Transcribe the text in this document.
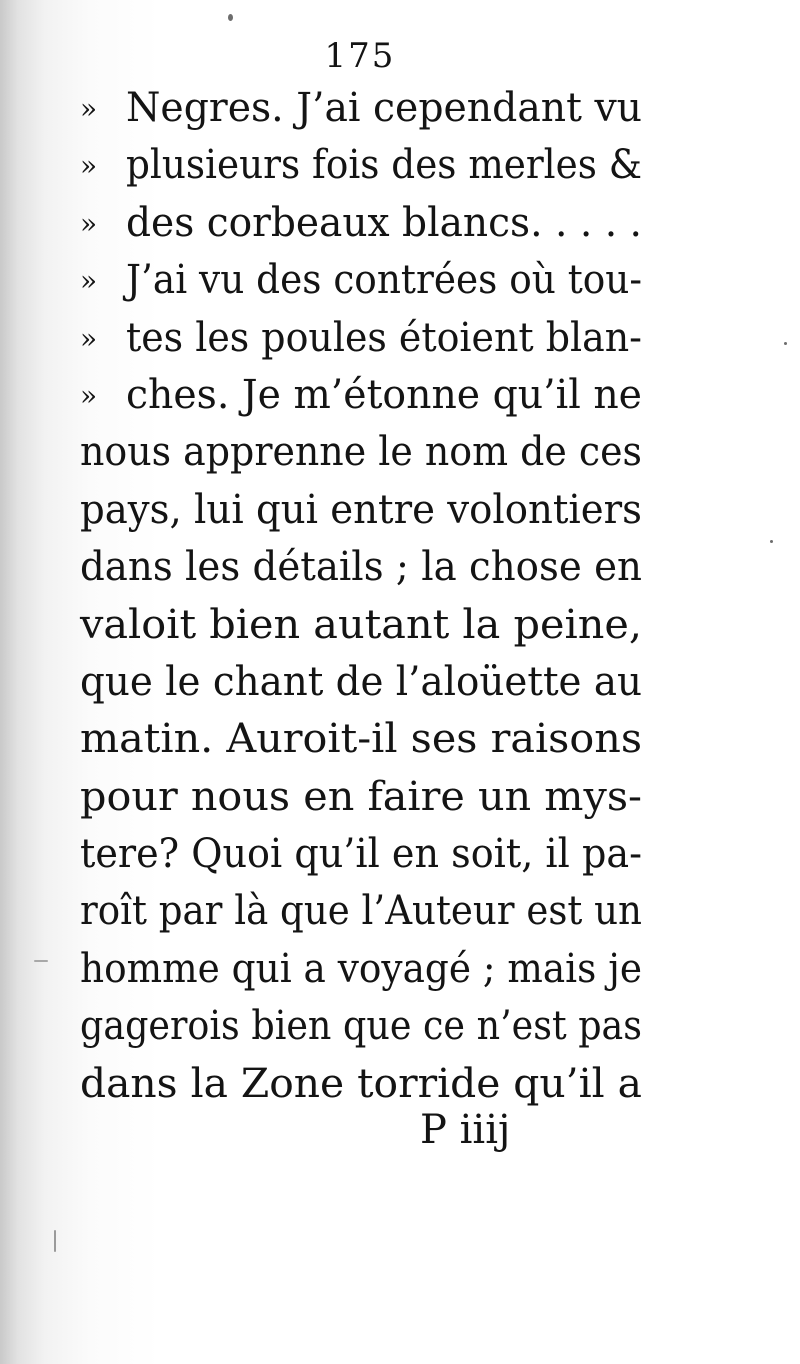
175
» Negres. J’ai cependant vu
» plusieurs fois des merles &
» des corbeaux blancs. . . . .
» J’ai vu des contrées où tou-
» tes les poules étoient blan-
» ches. Je m’étonne qu’il ne
nous apprenne le nom de ces
pays, lui qui entre volontiers
dans les détails ; la chose en
valoit bien autant la peine,
que le chant de l’aloüette au
matin. Auroit-il ses raisons
pour nous en faire un mys-
tere? Quoi qu’il en soit, il pa-
roît par là que l’Auteur est un
homme qui a voyagé ; mais je
gagerois bien que ce n’est pas
dans la Zone torride qu’il a
P iiij
